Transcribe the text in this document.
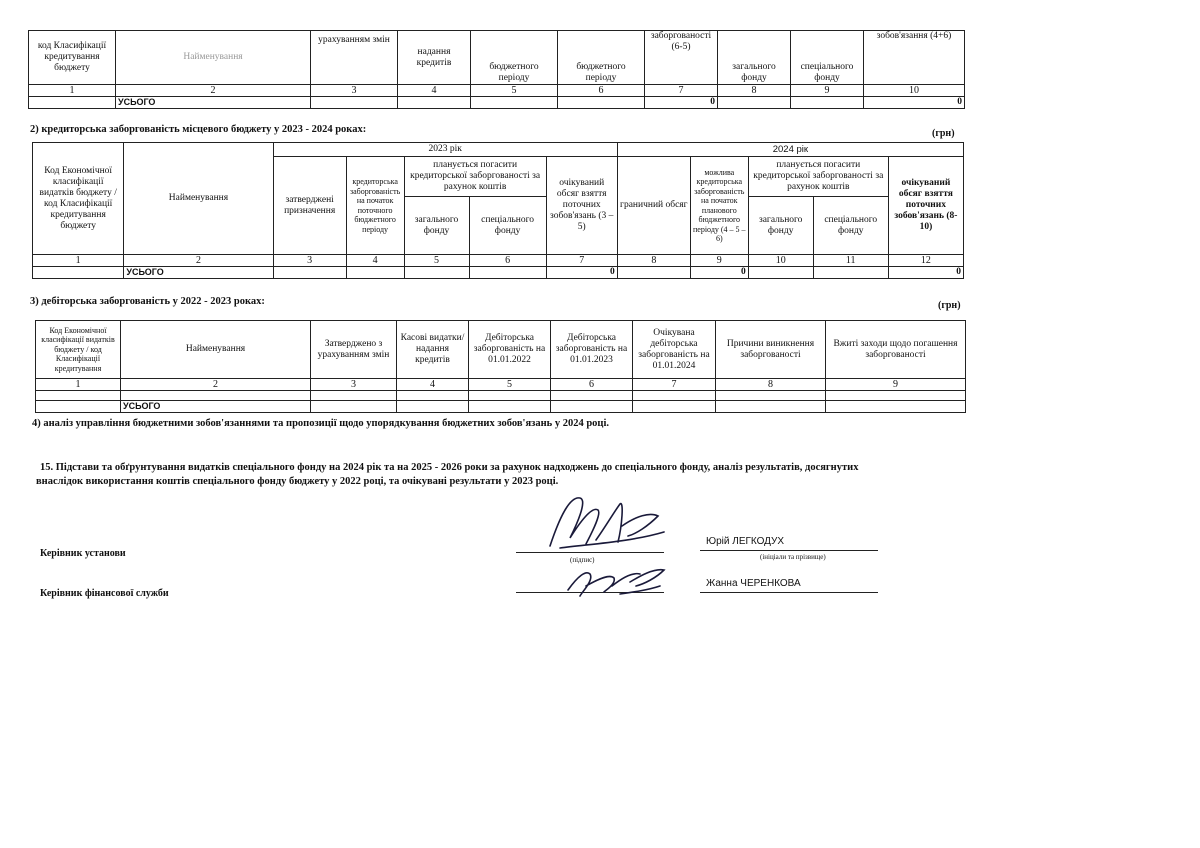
код Класифікації кредитування бюджету	Найменування	урахуванням змін	надання кредитів	бюджетного періоду	бюджетного періоду	заборгованості (6-5)	загального фонду	спеціального фонду	зобов'язання (4+6)
1	2	3	4	5	6	7	8	9	10
	УСЬОГО					0			0
2) кредиторська заборгованість місцевого бюджету у 2023 - 2024 роках:	(грн)
Код Економічної класифікації видатків бюджету / код Класифікації кредитування бюджету	Найменування	2023 рік					2024 рік				
		затверджені призначення	кредиторська заборгованість на початок поточного бюджетного періоду	планується погасити кредиторської заборгованості за рахунок коштів		очікуваний обсяг взяття поточних зобов'язань (3 – 5)	граничний обсяг	можлива кредиторська заборгованість на початок планового бюджетного періоду (4 – 5 – 6)	планується погасити кредиторської заборгованості за рахунок коштів		очікуваний обсяг взяття поточних зобов'язань (8-10)
				загального фонду	спеціального фонду				загального фонду	спеціального фонду	
1	2	3	4	5	6	7	8	9	10	11	12
	УСЬОГО					0		0			0
3) дебіторська заборгованість у 2022 - 2023 роках:	(грн)
Код Економічної класифікації видатків бюджету / код Класифікації кредитування	Найменування	Затверджено з урахуванням змін	Касові видатки/ надання кредитів	Дебіторська заборгованість на 01.01.2022	Дебіторська заборгованість на 01.01.2023	Очікувана дебіторська заборгованість на 01.01.2024	Причини виникнення заборгованості	Вжиті заходи щодо погашення заборгованості
1	2	3	4	5	6	7	8	9

	УСЬОГО							
4) аналіз управління бюджетними зобов'язаннями та пропозиції щодо упорядкування бюджетних зобов'язань у 2024 році.
15. Підстави та обґрунтування видатків спеціального фонду на 2024 рік та на 2025 - 2026 роки за рахунок надходжень до спеціального фонду, аналіз результатів, досягнутих
внаслідок використання коштів спеціального фонду бюджету у 2022 році, та очікувані результати у 2023 році.
Керівник установи
(підпис)
Юрій ЛЕГКОДУХ
(ініціали та прізвище)
Керівник фінансової служби
Жанна ЧЕРЕНКОВА
